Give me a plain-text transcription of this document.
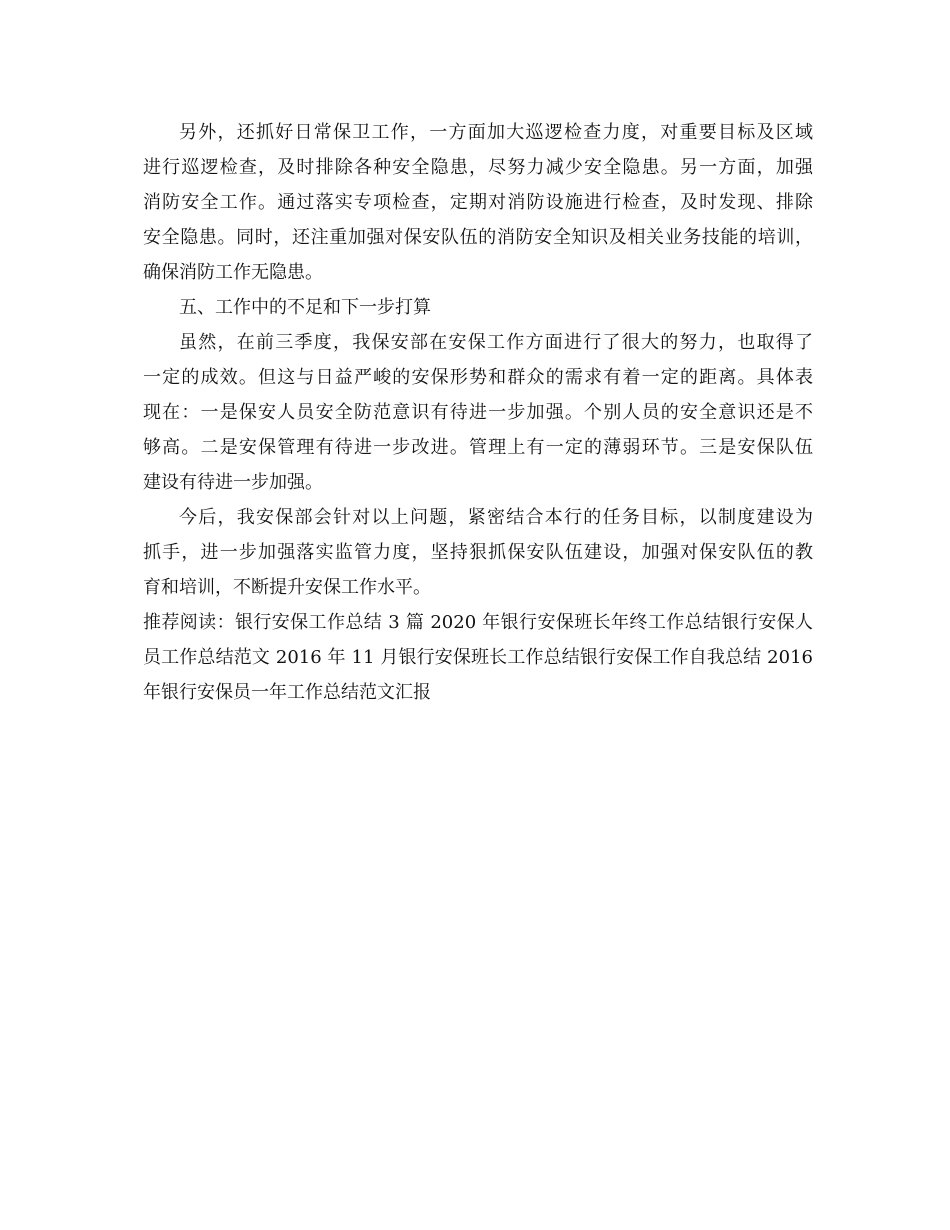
另外，还抓好日常保卫工作，一方面加大巡逻检查力度，对重要目标及区域
进行巡逻检查，及时排除各种安全隐患，尽努力减少安全隐患。另一方面，加强
消防安全工作。通过落实专项检查，定期对消防设施进行检查，及时发现、排除
安全隐患。同时，还注重加强对保安队伍的消防安全知识及相关业务技能的培训，
确保消防工作无隐患。
五、工作中的不足和下一步打算
虽然，在前三季度，我保安部在安保工作方面进行了很大的努力，也取得了
一定的成效。但这与日益严峻的安保形势和群众的需求有着一定的距离。具体表
现在：一是保安人员安全防范意识有待进一步加强。个别人员的安全意识还是不
够高。二是安保管理有待进一步改进。管理上有一定的薄弱环节。三是安保队伍
建设有待进一步加强。
今后，我安保部会针对以上问题，紧密结合本行的任务目标，以制度建设为
抓手，进一步加强落实监管力度，坚持狠抓保安队伍建设，加强对保安队伍的教
育和培训，不断提升安保工作水平。
推荐阅读：银行安保工作总结 3 篇 2020 年银行安保班长年终工作总结银行安保人
员工作总结范文 2016 年 11 月银行安保班长工作总结银行安保工作自我总结 2016
年银行安保员一年工作总结范文汇报
